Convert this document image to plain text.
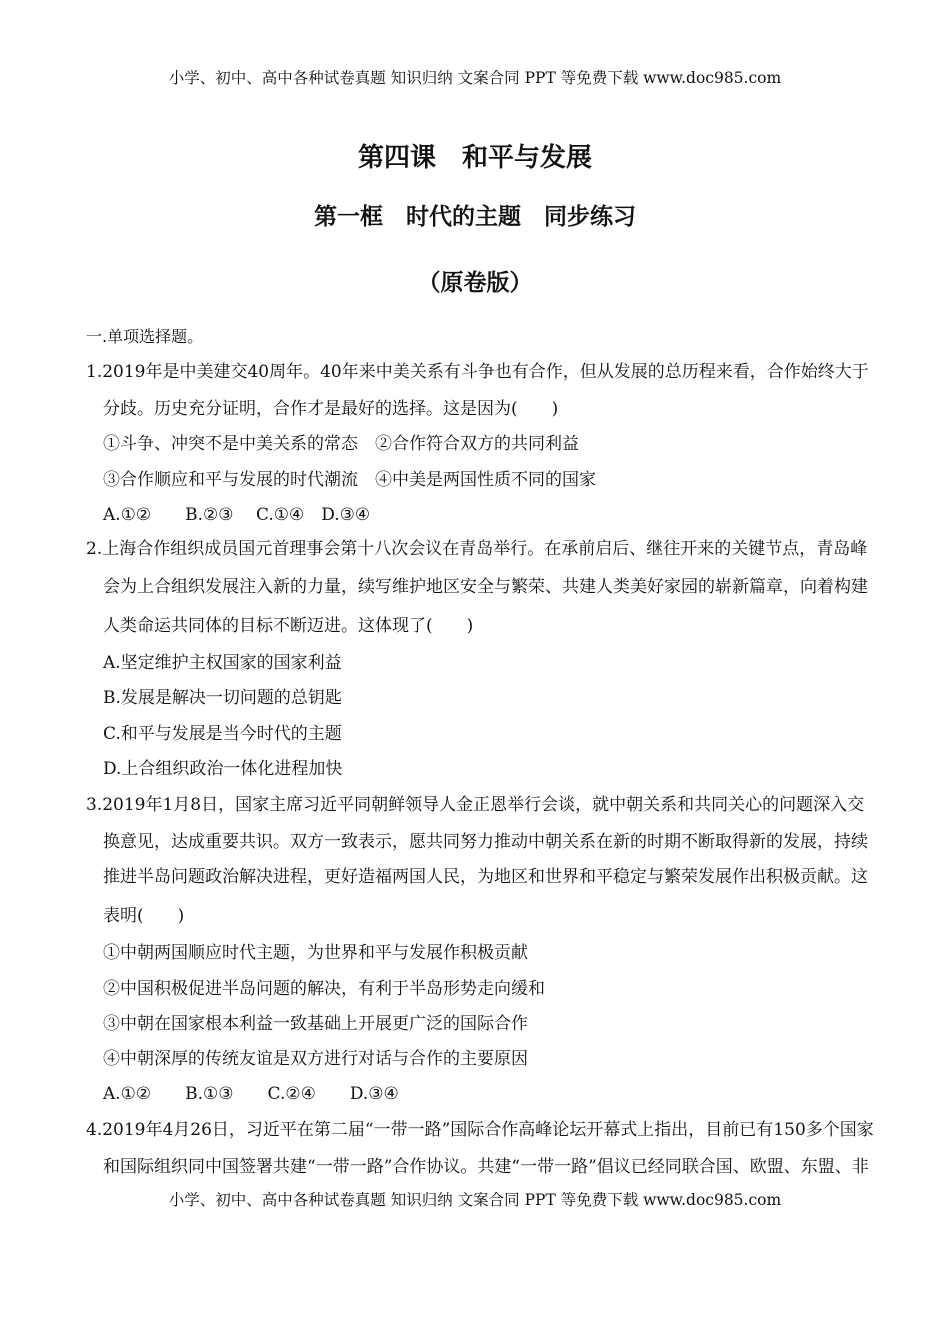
小学、初中、高中各种试卷真题 知识归纳 文案合同 PPT 等免费下载 www.doc985.com
第四课　和平与发展
第一框　时代的主题　同步练习
（原卷版）
一.单项选择题。
1.2019年是中美建交40周年。40年来中美关系有斗争也有合作，但从发展的总历程来看，合作始终大于
分歧。历史充分证明，合作才是最好的选择。这是因为(　　)
①斗争、冲突不是中美关系的常态　②合作符合双方的共同利益
③合作顺应和平与发展的时代潮流　④中美是两国性质不同的国家
A.①②　　B.②③　 C.①④　D.③④
2.上海合作组织成员国元首理事会第十八次会议在青岛举行。在承前启后、继往开来的关键节点，青岛峰
会为上合组织发展注入新的力量，续写维护地区安全与繁荣、共建人类美好家园的崭新篇章，向着构建
人类命运共同体的目标不断迈进。这体现了(　　)
A.坚定维护主权国家的国家利益
B.发展是解决一切问题的总钥匙
C.和平与发展是当今时代的主题
D.上合组织政治一体化进程加快
3.2019年1月8日，国家主席习近平同朝鲜领导人金正恩举行会谈，就中朝关系和共同关心的问题深入交
换意见，达成重要共识。双方一致表示，愿共同努力推动中朝关系在新的时期不断取得新的发展，持续
推进半岛问题政治解决进程，更好造福两国人民，为地区和世界和平稳定与繁荣发展作出积极贡献。这
表明(　　)
①中朝两国顺应时代主题，为世界和平与发展作积极贡献
②中国积极促进半岛问题的解决，有利于半岛形势走向缓和
③中朝在国家根本利益一致基础上开展更广泛的国际合作
④中朝深厚的传统友谊是双方进行对话与合作的主要原因
A.①②　　B.①③　　C.②④　　D.③④
4.2019年4月26日，习近平在第二届“一带一路”国际合作高峰论坛开幕式上指出，目前已有150多个国家
和国际组织同中国签署共建“一带一路”合作协议。共建“一带一路”倡议已经同联合国、欧盟、东盟、非
小学、初中、高中各种试卷真题 知识归纳 文案合同 PPT 等免费下载 www.doc985.com
